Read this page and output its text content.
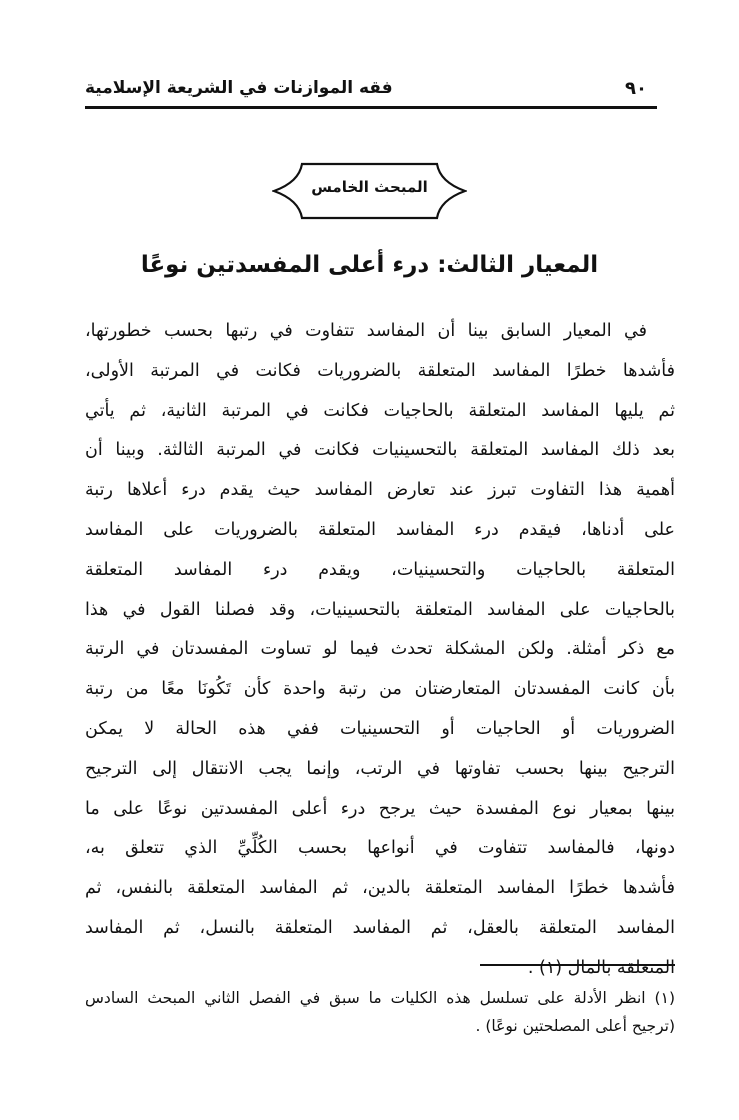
فقه الموازنات في الشريعة الإسلامية	٩٠
المبحث الخامس
المعيار الثالث: درء أعلى المفسدتين نوعًا
في المعيار السابق بينا أن المفاسد تتفاوت في رتبها بحسب خطورتها،
فأشدها خطرًا المفاسد المتعلقة بالضروريات فكانت في المرتبة الأولى،
ثم يليها المفاسد المتعلقة بالحاجيات فكانت في المرتبة الثانية، ثم يأتي
بعد ذلك المفاسد المتعلقة بالتحسينيات فكانت في المرتبة الثالثة. وبينا أن
أهمية هذا التفاوت تبرز عند تعارض المفاسد حيث يقدم درء أعلاها رتبة
على أدناها، فيقدم درء المفاسد المتعلقة بالضروريات على المفاسد
المتعلقة بالحاجيات والتحسينيات، ويقدم درء المفاسد المتعلقة
بالحاجيات على المفاسد المتعلقة بالتحسينيات، وقد فصلنا القول في هذا
مع ذكر أمثلة. ولكن المشكلة تحدث فيما لو تساوت المفسدتان في الرتبة
بأن كانت المفسدتان المتعارضتان من رتبة واحدة كأن تَكُونَا معًا من رتبة
الضروريات أو الحاجيات أو التحسينيات ففي هذه الحالة لا يمكن
الترجيح بينها بحسب تفاوتها في الرتب، وإنما يجب الانتقال إلى الترجيح
بينها بمعيار نوع المفسدة حيث يرجح درء أعلى المفسدتين نوعًا على ما
دونها، فالمفاسد تتفاوت في أنواعها بحسب الكُلِّيِّ الذي تتعلق به،
فأشدها خطرًا المفاسد المتعلقة بالدين، ثم المفاسد المتعلقة بالنفس، ثم
المفاسد المتعلقة بالعقل، ثم المفاسد المتعلقة بالنسل، ثم المفاسد
المتعلقة بالمال (١) .
(١) انظر الأدلة على تسلسل هذه الكليات ما سبق في الفصل الثاني المبحث السادس
(ترجيح أعلى المصلحتين نوعًا) .
